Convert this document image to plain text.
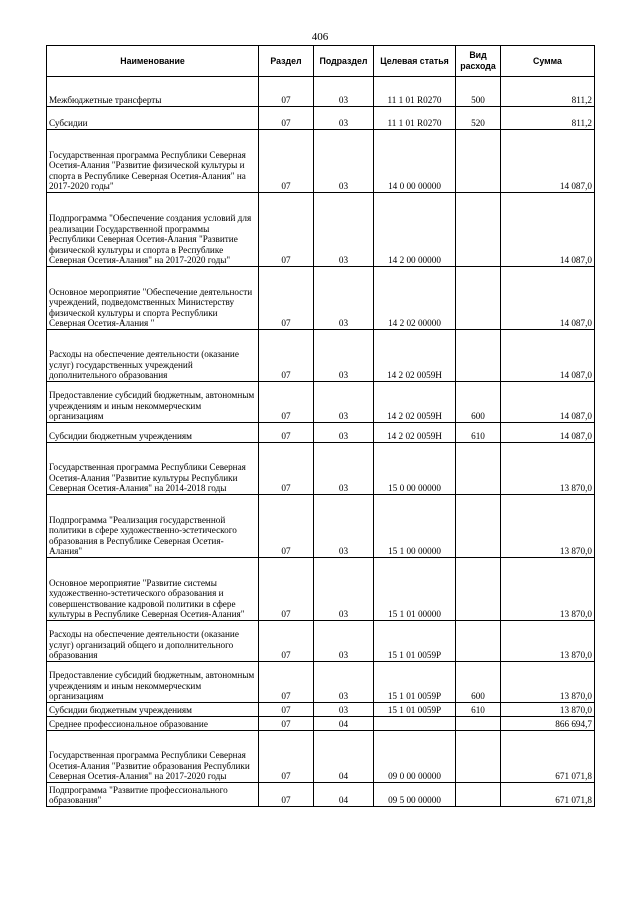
406
Наименование	Раздел	Подраздел	Целевая статья	Вид расхода	Сумма
Межбюджетные трансферты	07	03	11 1 01 R0270	500	811,2
Субсидии	07	03	11 1 01 R0270	520	811,2
Государственная программа Республики Северная Осетия-Алания "Развитие физической культуры и спорта в Республике Северная Осетия-Алания" на 2017-2020 годы"	07	03	14 0 00 00000		14 087,0
Подпрограмма "Обеспечение создания условий для реализации Государственной программы Республики Северная Осетия-Алания "Развитие физической культуры и спорта в Республике Северная Осетия-Алания" на 2017-2020 годы"	07	03	14 2 00 00000		14 087,0
Основное мероприятие "Обеспечение деятельности учреждений, подведомственных Министерству физической культуры и спорта Республики Северная Осетия-Алания "	07	03	14 2 02 00000		14 087,0
Расходы на обеспечение деятельности (оказание услуг) государственных учреждений дополнительного образования	07	03	14 2 02 0059Н		14 087,0
Предоставление субсидий бюджетным, автономным учреждениям и иным некоммерческим организациям	07	03	14 2 02 0059Н	600	14 087,0
Субсидии бюджетным учреждениям	07	03	14 2 02 0059Н	610	14 087,0
Государственная программа Республики Северная Осетия-Алания "Развитие культуры Республики Северная Осетия-Алания" на 2014-2018 годы	07	03	15 0 00 00000		13 870,0
Подпрограмма "Реализация государственной политики в сфере художественно-эстетического образования в Республике Северная Осетия-Алания"	07	03	15 1 00 00000		13 870,0
Основное мероприятие "Развитие системы художественно-эстетического образования и совершенствование кадровой политики в сфере культуры в Республике Северная Осетия-Алания"	07	03	15 1 01 00000		13 870,0
Расходы на обеспечение деятельности (оказание услуг) организаций общего и дополнительного образования	07	03	15 1 01 0059Р		13 870,0
Предоставление субсидий бюджетным, автономным учреждениям и иным некоммерческим организациям	07	03	15 1 01 0059Р	600	13 870,0
Субсидии бюджетным учреждениям	07	03	15 1 01 0059Р	610	13 870,0
Среднее профессиональное образование	07	04			866 694,7
Государственная программа Республики Северная Осетия-Алания "Развитие образования Республики Северная Осетия-Алания" на 2017-2020 годы	07	04	09 0 00 00000		671 071,8
Подпрограмма "Развитие профессионального образования"	07	04	09 5 00 00000		671 071,8
